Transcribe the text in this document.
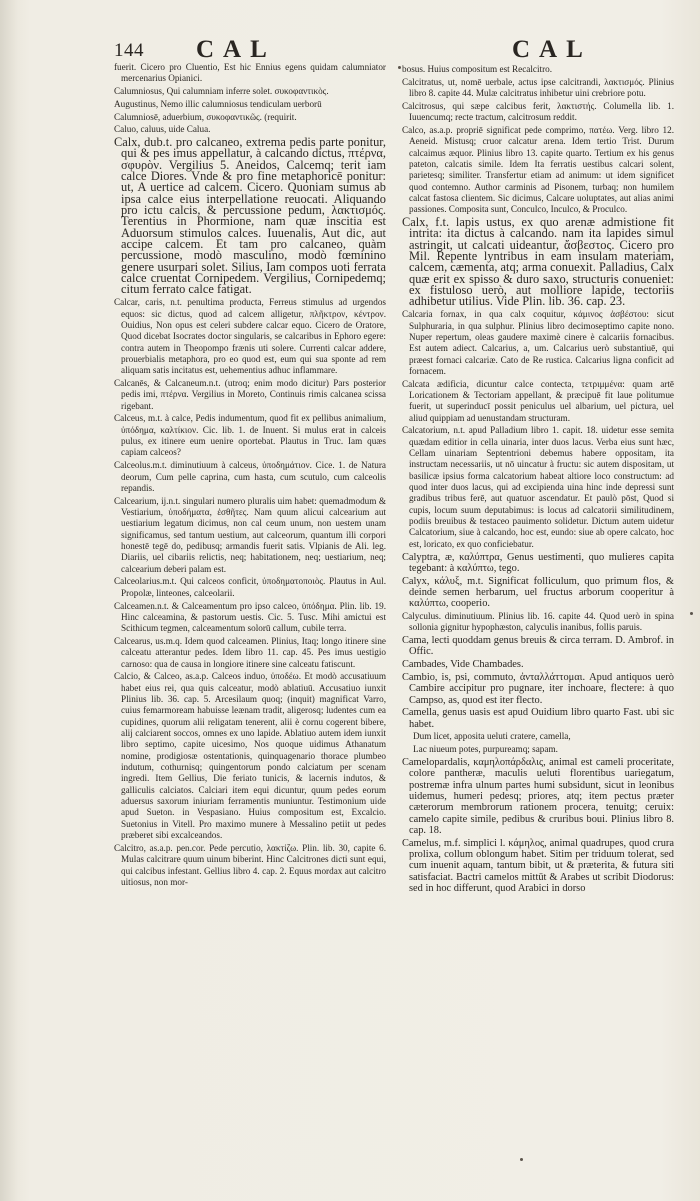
144 CAL	CAL

fuerit. Cicero pro Cluentio, Est hic Ennius egens quidam calumniator mercenarius Opianici.

Calumniosus, Qui calumniam inferre solet. συκοφαντικὸς.

Augustinus, Nemo illic calumniosus tendiculam uerborū

Calumniosē, aduerbium, συκοφαντικῶς. (requirit.

Caluo, caluus, uide Calua.

Calx, dub.t. pro calcaneo, extrema pedis parte ponitur, qui & pes imus appellatur, à calcando dictus, πτέρνα, σφυρὸν. Vergilius 5. Aneidos, Calcemq; terit iam calce Diores. Vnde & pro fine metaphoricē ponitur: ut, A uertice ad calcem. Cicero. Quoniam sumus ab ipsa calce eius interpellatione reuocati. Aliquando pro ictu calcis, & percussione pedum, λακτισμός. Terentius in Phormione, nam quæ inscitia est Aduorsum stimulos calces. Iuuenalis, Aut dic, aut accipe calcem. Et tam pro calcaneo, quàm percussione, modò masculino, modò fœminino genere usurpari solet. Silius, Iam compos uoti ferrata calce cruentat Cornipedem. Vergilius, Cornipedemq; citum ferrato calce fatigat.

Calcar, caris, n.t. penultima producta, Ferreus stimulus ad urgendos equos: sic dictus, quod ad calcem alligetur, πλῆκτρον, κέντρον. Ouidius, Non opus est celeri subdere calcar equo. Cicero de Oratore, Quod dicebat Isocrates doctor singularis, se calcaribus in Ephoro egere: contra autem in Theopompo frænis uti solere. Currenti calcar addere, prouerbialis metaphora, pro eo quod est, eum qui sua sponte ad rem aliquam satis incitatus est, uehementius adhuc inflammare.

Calcanēs, & Calcaneum.n.t. (utroq; enim modo dicitur) Pars posterior pedis imi, πτέρνα. Vergilius in Moreto, Continuis rimis calcanea scissa rigebant.

Calceus, m.t. à calce, Pedis indumentum, quod fit ex pellibus animalium, ὑπόδημα, καλτίκιον. Cic. lib. 1. de Inuent. Si mulus erat in calceis pulus, ex itinere eum uenire oportebat. Plautus in Truc. Iam quæs capiam calceos?

Calceolus.m.t. diminutiuum à calceus, ὑποδημάτιον. Cice. 1. de Natura deorum, Cum pelle caprina, cum hasta, cum scutulo, cum calceolis repandis.

Calcearium, ij.n.t. singulari numero pluralis uim habet: quemadmodum & Vestiarium, ὑποδήματα, ἐσθῆτες. Nam quum alicui calcearium aut uestiarium legatum dicimus, non cal ceum unum, non uestem unam significamus, sed tantum uestium, aut calceorum, quantum illi corpori honestē tegē do, pedibusq; armandis fuerit satis. Vlpianis de Ali. leg. Diariis, uel cibariis relictis, neq; habitationem, neq; uestiarium, neq; calcearium deberi palam est.

Calceolarius.m.t. Qui calceos conficit, ὑποδηματοποιὸς. Plautus in Aul. Propolæ, linteones, calceolarii.

Calceamen.n.t. & Calceamentum pro ipso calceo, ὑπόδημα. Plin. lib. 19. Hinc calceamina, & pastorum uestis. Cic. 5. Tusc. Mihi amictui est Scithicum tegmen, calceamentum solorū callum, cubile terra.

Calcearus, us.m.q. Idem quod calceamen. Plinius, Itaq; longo itinere sine calceatu atterantur pedes. Idem libro 11. cap. 45. Pes imus uestigio carnoso: qua de causa in longiore itinere sine calceatu fatiscunt.

Calcio, & Calceo, as.a.p. Calceos induo, ὑποδέω. Et modò accusatiuum habet eius rei, qua quis calceatur, modò ablatiuū. Accusatiuo iunxit Plinius lib. 36. cap. 5. Arcesilaum quoq; (inquit) magnificat Varro, cuius femarmoream habuisse leænam tradit, aligerosq; ludentes cum ea cupidines, quorum alii religatam tenerent, alii è cornu cogerent bibere, alij calciarent soccos, omnes ex uno lapide. Ablatiuo autem idem iunxit libro septimo, capite uicesimo, Nos quoque uidimus Athanatum nomine, prodigiosæ ostentationis, quinquagenario thorace plumbeo indutum, cothurnisq; quingentorum pondo calciatum per scenam ingredi. Item Gellius, Die feriato tunicis, & lacernis indutos, & galliculis calciatos. Calciari item equi dicuntur, quum pedes eorum aduersus saxorum iniuriam ferramentis muniuntur. Testimonium uide apud Sueton. in Vespasiano. Huius compositum est, Excalcio. Suetonius in Vitell. Pro maximo munere à Messalino petiit ut pedes præberet sibi excalceandos.

Calcitro, as.a.p. pen.cor. Pede percutio, λακτίζω. Plin. lib. 30, capite 6. Mulas calcitrare quum uinum biberint. Hinc Calcitrones dicti sunt equi, qui calcibus infestant. Gellius libro 4. cap. 2. Equus mordax aut calcitro uitiosus, non mor-

bosus. Huius compositum est Recalcitro.

Calcitratus, ut, nomē uerbale, actus ipse calcitrandi, λακτισμός. Plinius libro 8. capite 44. Mulæ calcitratus inhibetur uini crebriore potu.

Calcitrosus, qui sæpe calcibus ferit, λακτιστής. Columella lib. 1. Iuuencumq; recte tractum, calcitrosum reddit.

Calco, as.a.p. propriē significat pede comprimo, πατέω. Verg. libro 12. Aeneid. Mistusq; cruor calcatur arena. Idem tertio Trist. Durum calcaimus æquor. Plinius libro 13. capite quarto. Tertium ex his genus pateton, calcatis simile. Idem Ita ferratis uestibus calcari solent, parietesq; similiter. Transfertur etiam ad animum: ut idem significet quod contemno. Author carminis ad Pisonem, turbaq; non humilem calcat fastosa clientem. Sic dicimus, Calcare uoluptates, aut alias animi passiones. Composita sunt, Conculco, Inculco, & Proculco.

Calx, f.t. lapis ustus, ex quo arenæ admistione fit intrita: ita dictus à calcando. nam ita lapides simul astringit, ut calcati uideantur, ἄσβεστος. Cicero pro Mil. Repente lyntribus in eam insulam materiam, calcem, cæmenta, atq; arma conuexit. Palladius, Calx quæ erit ex spisso & duro saxo, structuris conueniet: ex fistuloso uerò, aut molliore lapide, tectoriis adhibetur utilius. Vide Plin. lib. 36. cap. 23.

Calcaria fornax, in qua calx coquitur, κάμινος ἀσβέστου: sicut Sulphuraria, in qua sulphur. Plinius libro decimoseptimo capite nono. Nuper repertum, oleas gaudere maximè cinere è calcariis fornacibus. Est autem adiect. Calcarius, a, um. Calcarius uerò substantiuē, qui præest fornaci calcariæ. Cato de Re rustica. Calcarius ligna conficit ad fornacem.

Calcata ædificia, dicuntur calce contecta, τετριμμένα: quam artē Loricationem & Tectoriam appellant, & præcipuē fit laue politumue fuerit, ut superinducī possit peniculus uel albarium, uel pictura, uel aliud quippiam ad uenustandam structuram.

Calcatorium, n.t. apud Palladium libro 1. capit. 18. uidetur esse semita quædam editior in cella uinaria, inter duos lacus. Verba eius sunt hæc, Cellam uinariam Septentrioni debemus habere oppositam, ita instructam necessariis, ut nō uincatur à fructu: sic autem dispositam, ut basilicæ ipsius forma calcatorium habeat altiore loco constructum: ad quod inter duos lacus, qui ad excipienda uina hinc inde depressi sunt gradibus tribus ferē, aut quatuor ascendatur. Et paulò pōst, Quod si cupis, locum suum deputabimus: is locus ad calcatorii similitudinem, podiis breuibus & testaceo pauimento solidetur. Dictum autem uidetur Calcatorium, siue à calcando, hoc est, eundo: siue ab opere calcato, hoc est, loricato, ex quo conficiebatur.

Calyptra, æ, καλύπτρα, Genus uestimenti, quo mulieres capita tegebant: à καλύπτω, tego.

Calyx, κάλυξ, m.t. Significat folliculum, quo primum flos, & deinde semen herbarum, uel fructus arborum cooperitur à καλύπτω, cooperio.

Calyculus. diminutiuum. Plinius lib. 16. capite 44. Quod uerò in spina sollonia gignitur hypophæston, calyculis inanibus, follis paruis.

Cama, lecti quoddam genus breuis & circa terram. D. Ambrof. in Offic.

Cambades, Vide Chambades.

Cambio, is, psi, commuto, ἀνταλλάττομαι. Apud antiquos uerò Cambire accipitur pro pugnare, iter inchoare, flectere: à quo Campso, as, quod est iter flecto.

Camella, genus uasis est apud Ouidium libro quarto Fast. ubi sic habet.

Dum licet, apposita ueluti cratere, camella,

Lac niueum potes, purpureamq; sapam.

Camelopardalis, καμηλοπάρδαλις, animal est cameli proceritate, colore pantheræ, maculis ueluti florentibus uariegatum, postremæ infra ulnum partes humi subsidunt, sicut in leonibus uidemus, humeri pedesq; priores, atq; item pectus præter cæterorum membrorum rationem procera, tenuitg; ceruix: camelo capite simile, pedibus & cruribus boui. Plinius libro 8. cap. 18.

Camelus, m.f. simplici l. κάμηλος, animal quadrupes, quod crura prolixa, collum oblongum habet. Sitim per triduum tolerat, sed cum inuenit aquam, tantum bibit, ut & præterita, & futura siti satisfaciat. Bactri camelos mittūt & Arabes ut scribit Diodorus: sed in hoc differunt, quod Arabici in dorso
